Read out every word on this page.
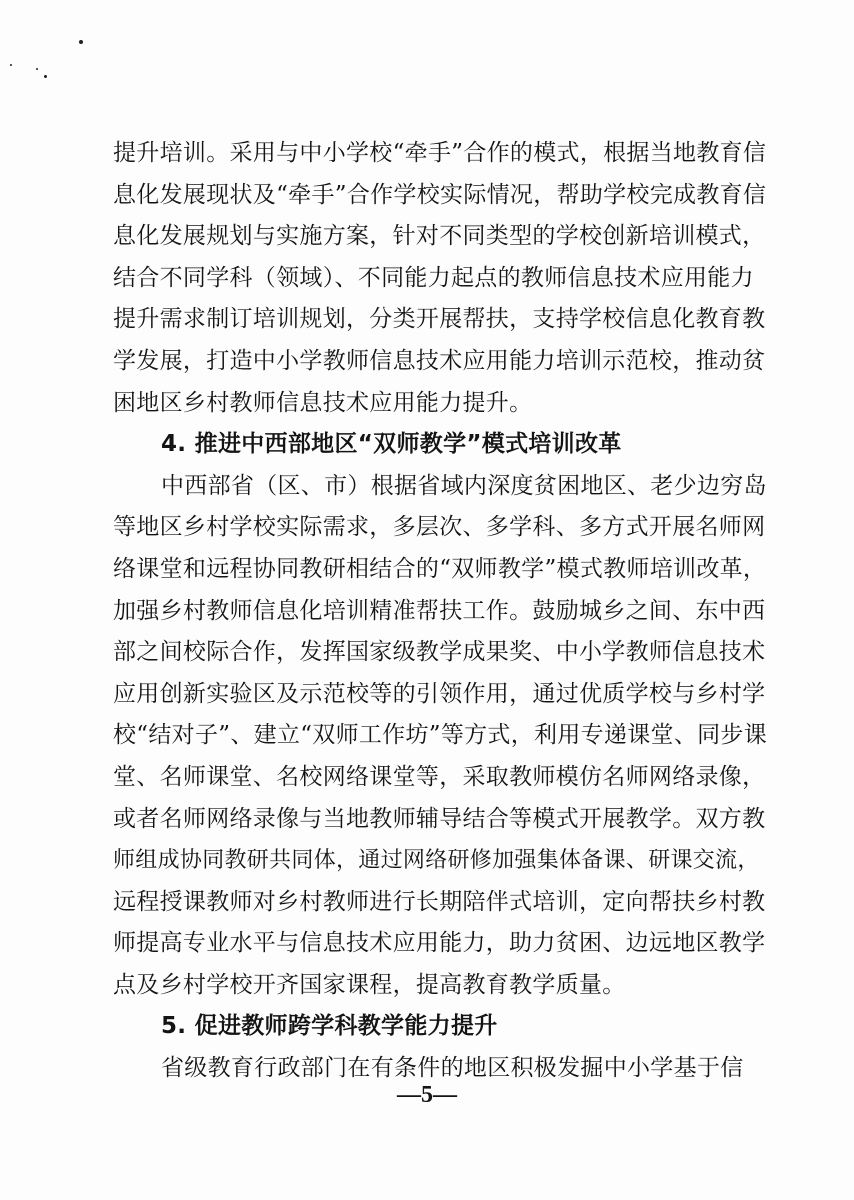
提升培训。采用与中小学校“牵手”合作的模式，根据当地教育信
息化发展现状及“牵手”合作学校实际情况，帮助学校完成教育信
息化发展规划与实施方案，针对不同类型的学校创新培训模式，
结合不同学科（领域）、不同能力起点的教师信息技术应用能力
提升需求制订培训规划，分类开展帮扶，支持学校信息化教育教
学发展，打造中小学教师信息技术应用能力培训示范校，推动贫
困地区乡村教师信息技术应用能力提升。
4. 推进中西部地区“双师教学”模式培训改革
中西部省（区、市）根据省域内深度贫困地区、老少边穷岛
等地区乡村学校实际需求，多层次、多学科、多方式开展名师网
络课堂和远程协同教研相结合的“双师教学”模式教师培训改革，
加强乡村教师信息化培训精准帮扶工作。鼓励城乡之间、东中西
部之间校际合作，发挥国家级教学成果奖、中小学教师信息技术
应用创新实验区及示范校等的引领作用，通过优质学校与乡村学
校“结对子”、建立“双师工作坊”等方式，利用专递课堂、同步课
堂、名师课堂、名校网络课堂等，采取教师模仿名师网络录像，
或者名师网络录像与当地教师辅导结合等模式开展教学。双方教
师组成协同教研共同体，通过网络研修加强集体备课、研课交流，
远程授课教师对乡村教师进行长期陪伴式培训，定向帮扶乡村教
师提高专业水平与信息技术应用能力，助力贫困、边远地区教学
点及乡村学校开齐国家课程，提高教育教学质量。
5. 促进教师跨学科教学能力提升
省级教育行政部门在有条件的地区积极发掘中小学基于信
—5—
